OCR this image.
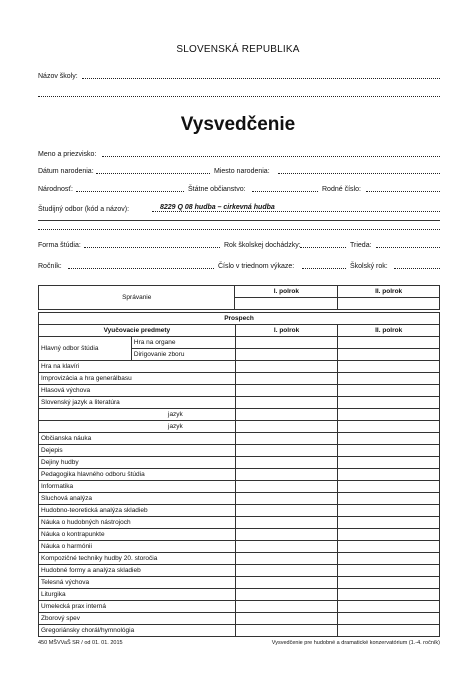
SLOVENSKÁ REPUBLIKA
Názov školy:
Vysvedčenie
Meno a priezvisko:
Dátum narodenia:	Miesto narodenia:
Národnosť:	Štátne občianstvo:	Rodné číslo:
Študijný odbor (kód a názov):	8229 Q 08 hudba – cirkevná hudba
Forma štúdia:	Rok školskej dochádzky:	Trieda:
Ročník:	Číslo v triednom výkaze:	Školský rok:
Správanie	I. polrok	II. polrok

Prospech			
Vyučovacie predmety		I. polrok	II. polrok
Hlavný odbor štúdia	Hra na organe		
	Dirigovanie zboru		
Hra na klavíri			
Improvizácia a hra generálbasu			
Hlasová výchova			
Slovenský jazyk a literatúra			
jazyk			
jazyk			
Občianska náuka			
Dejepis			
Dejiny hudby			
Pedagogika hlavného odboru štúdia			
Informatika			
Sluchová analýza			
Hudobno-teoretická analýza skladieb			
Náuka o hudobných nástrojoch			
Náuka o kontrapunkte			
Náuka o harmónii			
Kompozičné techniky hudby 20. storočia			
Hudobné formy a analýza skladieb			
Telesná výchova			
Liturgika			
Umelecká prax interná			
Zborový spev			
Gregoriánsky chorál/hymnológia			
450 MŠVVaŠ SR / od 01. 01. 2015	Vysvedčenie pre hudobné a dramatické konzervatórium (1.-4. ročník)
